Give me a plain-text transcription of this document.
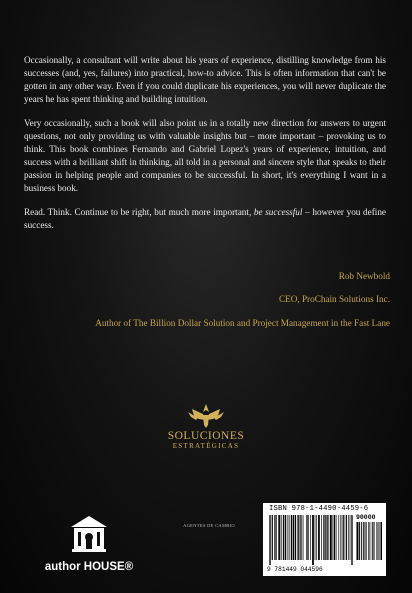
Occasionally, a consultant will write about his years of experience, distilling knowledge from his successes (and, yes, failures) into practical, how-to advice. This is often information that can't be gotten in any other way. Even if you could duplicate his experiences, you will never duplicate the years he has spent thinking and building intuition.

Very occasionally, such a book will also point us in a totally new direction for answers to urgent questions, not only providing us with valuable insights but – more important – provoking us to think. This book combines Fernando and Gabriel Lopez's years of experience, intuition, and success with a brilliant shift in thinking, all told in a personal and sincere style that speaks to their passion in helping people and companies to be successful. In short, it's everything I want in a business book.

Read. Think. Continue to be right, but much more important, be successful – however you define success.

Rob Newbold
CEO, ProChain Solutions Inc.
Author of The Billion Dollar Solution and Project Management in the Fast Lane
SOLUCIONES
ESTRATÉGICAS
AGENTES DE CAMBIO
author HOUSE®
ISBN 978-1-4490-4459-6
90000
9 781449 044596
